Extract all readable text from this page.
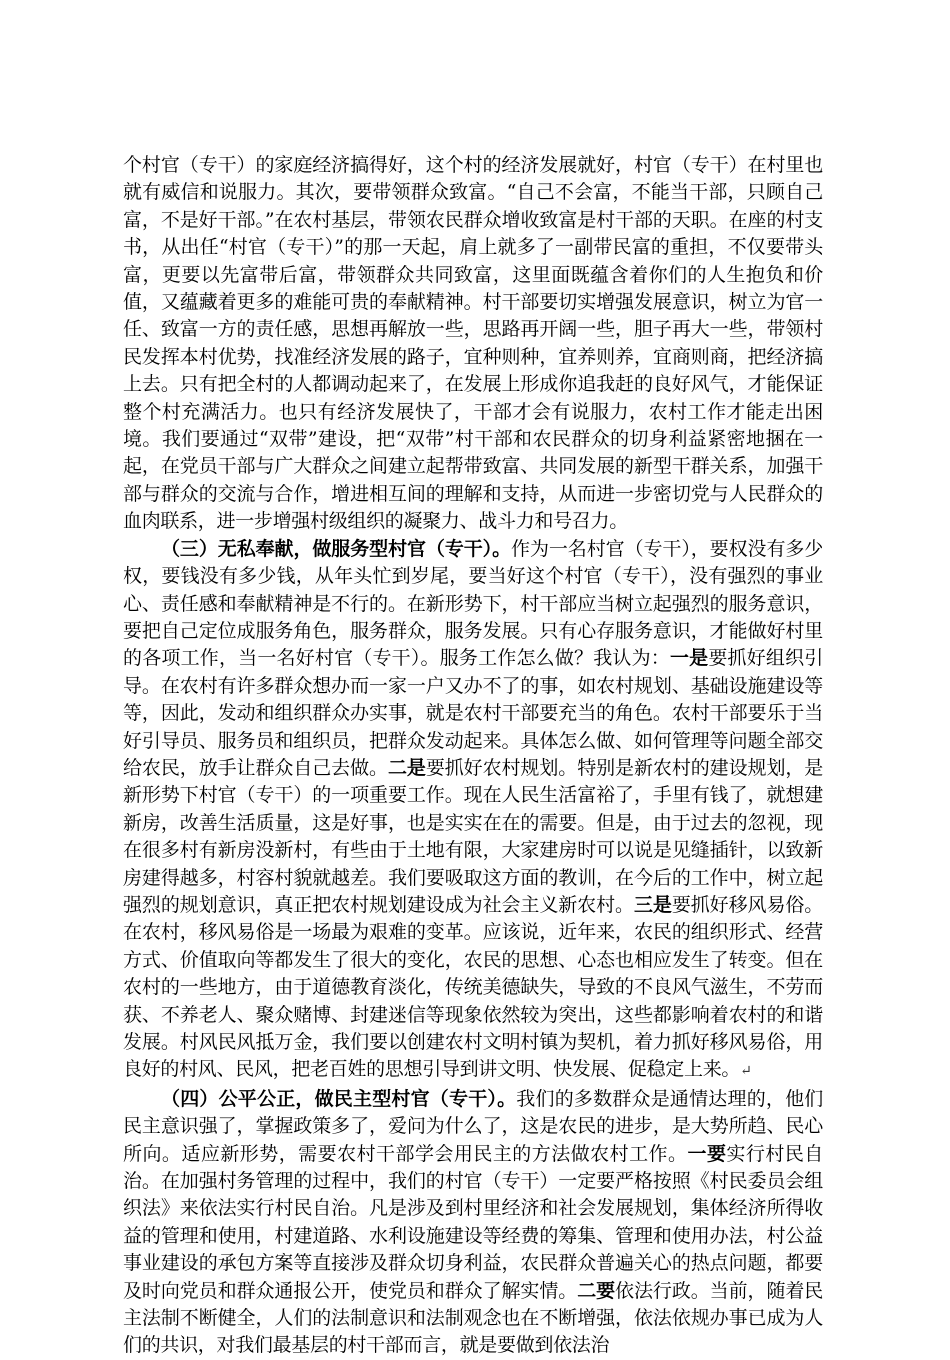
个村官（专干）的家庭经济搞得好，这个村的经济发展就好，村官（专干）在村里也就有威信和说服力。其次，要带领群众致富。“自己不会富，不能当干部，只顾自己富，不是好干部。”在农村基层，带领农民群众增收致富是村干部的天职。在座的村支书，从出任“村官（专干）”的那一天起，肩上就多了一副带民富的重担，不仅要带头富，更要以先富带后富，带领群众共同致富，这里面既蕴含着你们的人生抱负和价值，又蕴藏着更多的难能可贵的奉献精神。村干部要切实增强发展意识，树立为官一任、致富一方的责任感，思想再解放一些，思路再开阔一些，胆子再大一些，带领村民发挥本村优势，找准经济发展的路子，宜种则种，宜养则养，宜商则商，把经济搞上去。只有把全村的人都调动起来了，在发展上形成你追我赶的良好风气，才能保证整个村充满活力。也只有经济发展快了，干部才会有说服力，农村工作才能走出困境。我们要通过“双带”建设，把“双带”村干部和农民群众的切身利益紧密地捆在一起，在党员干部与广大群众之间建立起帮带致富、共同发展的新型干群关系，加强干部与群众的交流与合作，增进相互间的理解和支持，从而进一步密切党与人民群众的血肉联系，进一步增强村级组织的凝聚力、战斗力和号召力。

（三）无私奉献，做服务型村官（专干）。作为一名村官（专干），要权没有多少权，要钱没有多少钱，从年头忙到岁尾，要当好这个村官（专干），没有强烈的事业心、责任感和奉献精神是不行的。在新形势下，村干部应当树立起强烈的服务意识，要把自己定位成服务角色，服务群众，服务发展。只有心存服务意识，才能做好村里的各项工作，当一名好村官（专干）。服务工作怎么做？我认为：一是要抓好组织引导。在农村有许多群众想办而一家一户又办不了的事，如农村规划、基础设施建设等等，因此，发动和组织群众办实事，就是农村干部要充当的角色。农村干部要乐于当好引导员、服务员和组织员，把群众发动起来。具体怎么做、如何管理等问题全部交给农民，放手让群众自己去做。二是要抓好农村规划。特别是新农村的建设规划，是新形势下村官（专干）的一项重要工作。现在人民生活富裕了，手里有钱了，就想建新房，改善生活质量，这是好事，也是实实在在的需要。但是，由于过去的忽视，现在很多村有新房没新村，有些由于土地有限，大家建房时可以说是见缝插针，以致新房建得越多，村容村貌就越差。我们要吸取这方面的教训，在今后的工作中，树立起强烈的规划意识，真正把农村规划建设成为社会主义新农村。三是要抓好移风易俗。在农村，移风易俗是一场最为艰难的变革。应该说，近年来，农民的组织形式、经营方式、价值取向等都发生了很大的变化，农民的思想、心态也相应发生了转变。但在农村的一些地方，由于道德教育淡化，传统美德缺失，导致的不良风气滋生，不劳而获、不养老人、聚众赌博、封建迷信等现象依然较为突出，这些都影响着农村的和谐发展。村风民风抵万金，我们要以创建农村文明村镇为契机，着力抓好移风易俗，用良好的村风、民风，把老百姓的思想引导到讲文明、快发展、促稳定上来。↵

（四）公平公正，做民主型村官（专干）。我们的多数群众是通情达理的，他们民主意识强了，掌握政策多了，爱问为什么了，这是农民的进步，是大势所趋、民心所向。适应新形势，需要农村干部学会用民主的方法做农村工作。一要实行村民自治。在加强村务管理的过程中，我们的村官（专干）一定要严格按照《村民委员会组织法》来依法实行村民自治。凡是涉及到村里经济和社会发展规划，集体经济所得收益的管理和使用，村建道路、水利设施建设等经费的筹集、管理和使用办法，村公益事业建设的承包方案等直接涉及群众切身利益，农民群众普遍关心的热点问题，都要及时向党员和群众通报公开，使党员和群众了解实情。二要依法行政。当前，随着民主法制不断健全，人们的法制意识和法制观念也在不断增强，依法依规办事已成为人们的共识，对我们最基层的村干部而言，就是要做到依法治
